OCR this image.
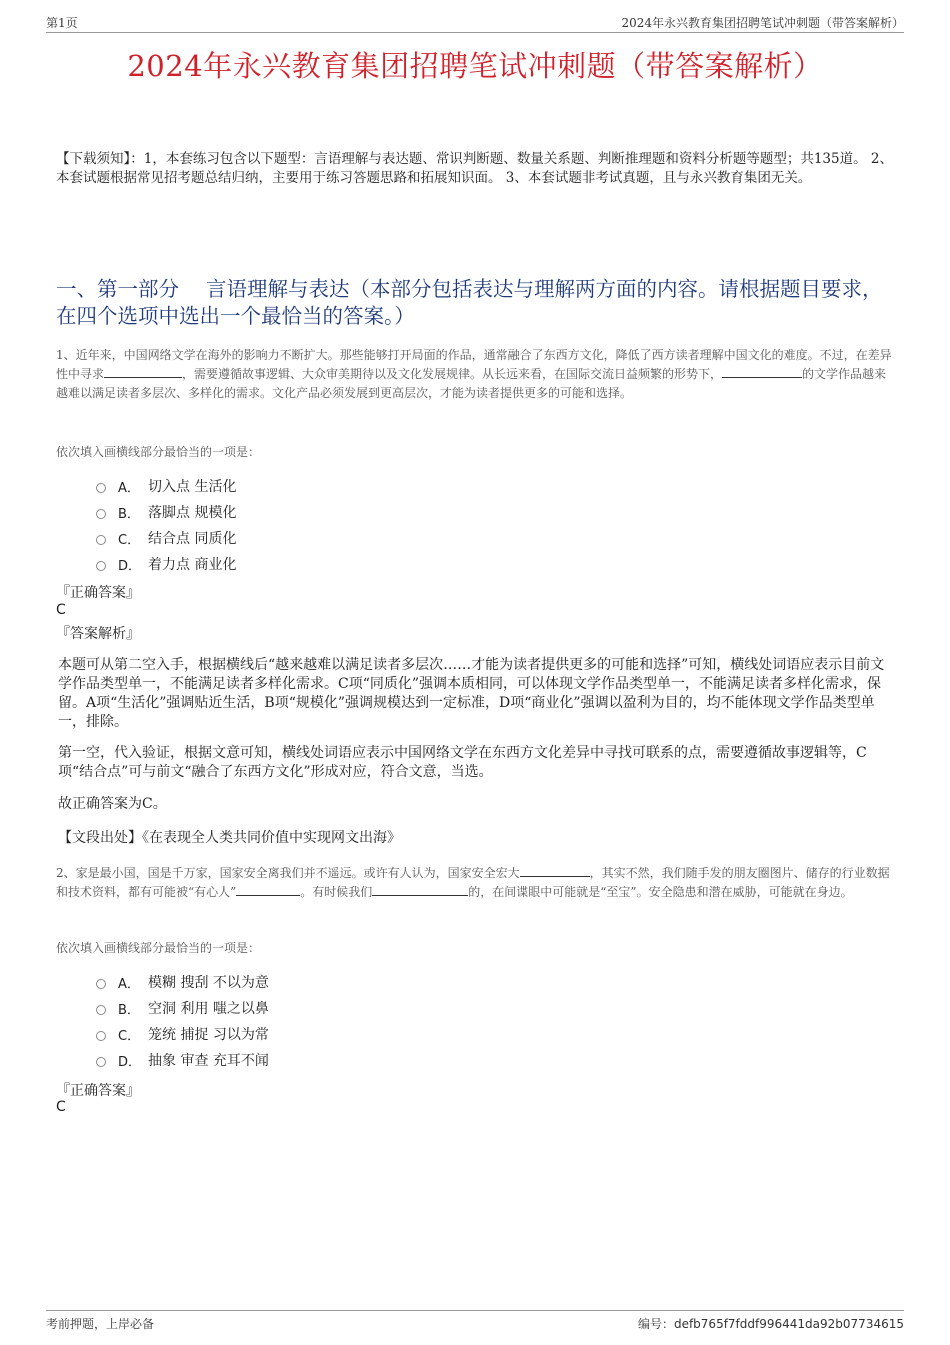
第1页	2024年永兴教育集团招聘笔试冲刺题（带答案解析）
2024年永兴教育集团招聘笔试冲刺题（带答案解析）
【下载须知】：1，本套练习包含以下题型：言语理解与表达题、常识判断题、数量关系题、判断推理题和资料分析题等题型；共135道。 2、本套试题根据常见招考题总结归纳，主要用于练习答题思路和拓展知识面。 3、本套试题非考试真题，且与永兴教育集团无关。
一、第一部分　 言语理解与表达（本部分包括表达与理解两方面的内容。请根据题目要求，在四个选项中选出一个最恰当的答案。）
1、近年来，中国网络文学在海外的影响力不断扩大。那些能够打开局面的作品，通常融合了东西方文化，降低了西方读者理解中国文化的难度。不过，在差异性中寻求	，需要遵循故事逻辑、大众审美期待以及文化发展规律。从长远来看，在国际交流日益频繁的形势下，	的文学作品越来越难以满足读者多层次、多样化的需求。文化产品必须发展到更高层次，才能为读者提供更多的可能和选择。
依次填入画横线部分最恰当的一项是：
A． 切入点 生活化
B． 落脚点 规模化
C． 结合点 同质化
D． 着力点 商业化
『正确答案』
C
『答案解析』
本题可从第二空入手，根据横线后“越来越难以满足读者多层次……才能为读者提供更多的可能和选择”可知，横线处词语应表示目前文学作品类型单一，不能满足读者多样化需求。C项“同质化”强调本质相同，可以体现文学作品类型单一，不能满足读者多样化需求，保留。A项“生活化”强调贴近生活，B项“规模化”强调规模达到一定标准，D项“商业化”强调以盈利为目的，均不能体现文学作品类型单一，排除。
第一空，代入验证，根据文意可知，横线处词语应表示中国网络文学在东西方文化差异中寻找可联系的点，需要遵循故事逻辑等，C项“结合点”可与前文“融合了东西方文化”形成对应，符合文意，当选。
故正确答案为C。
【文段出处】《在表现全人类共同价值中实现网文出海》
2、家是最小国，国是千万家，国家安全离我们并不遥远。或许有人认为，国家安全宏大	，其实不然，我们随手发的朋友圈图片、储存的行业数据和技术资料，都有可能被“有心人”	。有时候我们	的，在间谍眼中可能就是“至宝”。安全隐患和潜在威胁，可能就在身边。
依次填入画横线部分最恰当的一项是：
A． 模糊 搜刮 不以为意
B． 空洞 利用 嗤之以鼻
C． 笼统 捕捉 习以为常
D． 抽象 审查 充耳不闻
『正确答案』
C
考前押题，上岸必备	编号：defb765f7fddf996441da92b07734615
